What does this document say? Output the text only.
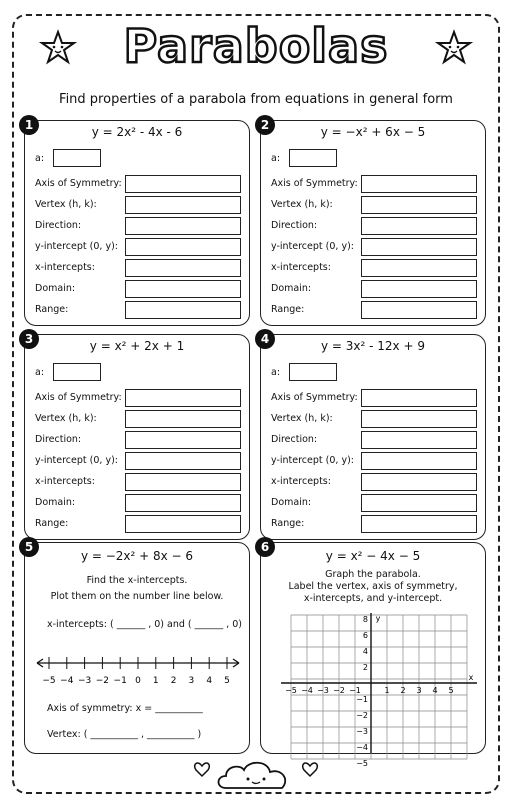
Parabolas
Find properties of a parabola from equations in general form
1	y = 2x² - 4x - 6
a:
Axis of Symmetry:
Vertex (h, k):
Direction:
y-intercept (0, y):
x-intercepts:
Domain:
Range:
2	y = −x² + 6x − 5
a:
Axis of Symmetry:
Vertex (h, k):
Direction:
y-intercept (0, y):
x-intercepts:
Domain:
Range:
3	y = x² + 2x + 1
a:
Axis of Symmetry:
Vertex (h, k):
Direction:
y-intercept (0, y):
x-intercepts:
Domain:
Range:
4	y = 3x² - 12x + 9
a:
Axis of Symmetry:
Vertex (h, k):
Direction:
y-intercept (0, y):
x-intercepts:
Domain:
Range:
5
y = −2x² + 8x − 6
Find the x-intercepts.
Plot them on the number line below.
x-intercepts: ( ______ , 0) and ( ______ , 0)
−5 −4 −3 −2 −1 0 1 2 3 4 5
Axis of symmetry: x = __________
Vertex: ( __________ , __________ )
6
y = x² − 4x − 5
Graph the parabola.
Label the vertex, axis of symmetry,
x-intercepts, and y-intercept.
x
y
−5 −4 −3 −2 −1	1 2 3 4 5
8
6
4
2
−1
−2
−3
−4
−5
